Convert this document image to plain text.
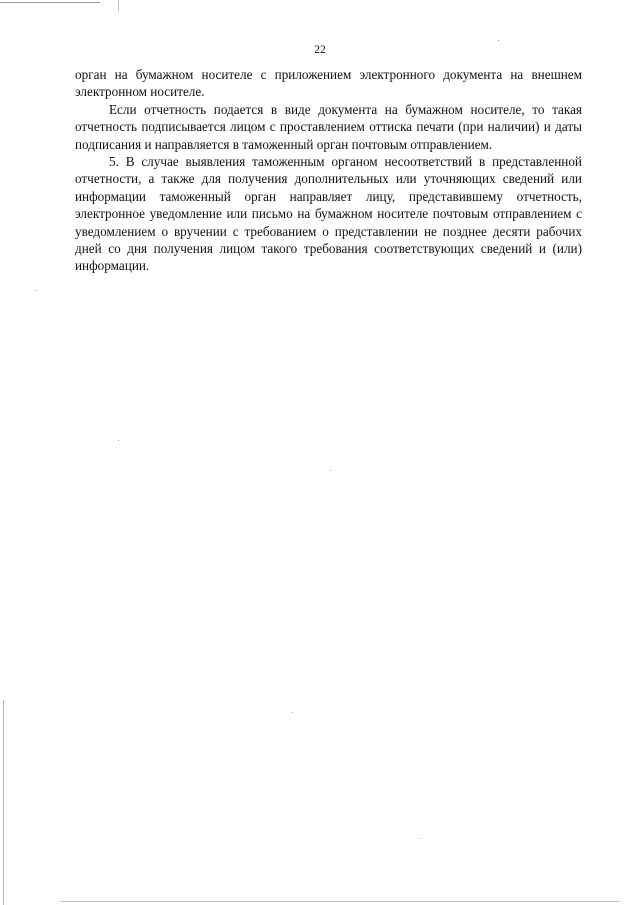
22

орган на бумажном носителе с приложением электронного документа на внешнем электронном носителе.

Если отчетность подается в виде документа на бумажном носителе, то такая отчетность подписывается лицом с проставлением оттиска печати (при наличии) и даты подписания и направляется в таможенный орган почтовым отправлением.

5. В случае выявления таможенным органом несоответствий в представленной отчетности, а также для получения дополнительных или уточняющих сведений или информации таможенный орган направляет лицу, представившему отчетность, электронное уведомление или письмо на бумажном носителе почтовым отправлением с уведомлением о вручении с требованием о представлении не позднее десяти рабочих дней со дня получения лицом такого требования соответствующих сведений и (или) информации.
